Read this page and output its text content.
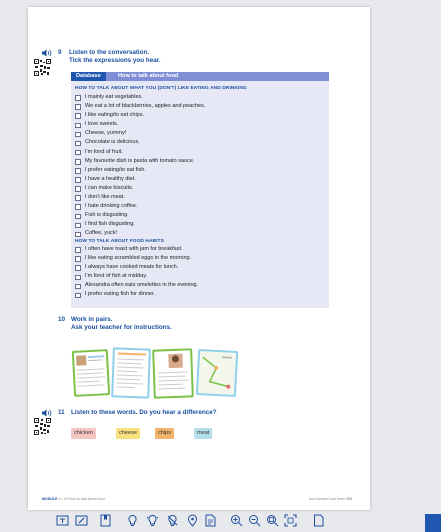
9 Listen to the conversation.
Tick the expressions you hear.
Database	How to talk about food
HOW TO TALK ABOUT WHAT YOU (DON'T) LIKE EATING AND DRINKING
I mainly eat vegetables.
We eat a lot of blackberries, apples and peaches.
I like eating/to eat chips.
I love sweets.
Cheese, yummy!
Chocolate is delicious.
I'm fond of fruit.
My favourite dish is pasta with tomato sauce.
I prefer eating/to eat fish.
I have a healthy diet.
I can make biscuits.
I don't like meat.
I hate drinking coffee.
Fish is disgusting.
I find fish disgusting.
Coffee, yuck!
HOW TO TALK ABOUT FOOD HABITS
I often have toast with jam for breakfast.
I like eating scrambled eggs in the morning.
I always have cooked meats for lunch.
I'm fond of fish at midday.
Alexandra often eats omelettes in the evening.
I prefer eating fish for dinner.
10 Work in pairs.
Ask your teacher for instructions.
11 Listen to these words. Do you hear a difference?
chicken	cheese	chips	meat
MODULE 4 • 10 How to talk about food	two hundred and three 203
